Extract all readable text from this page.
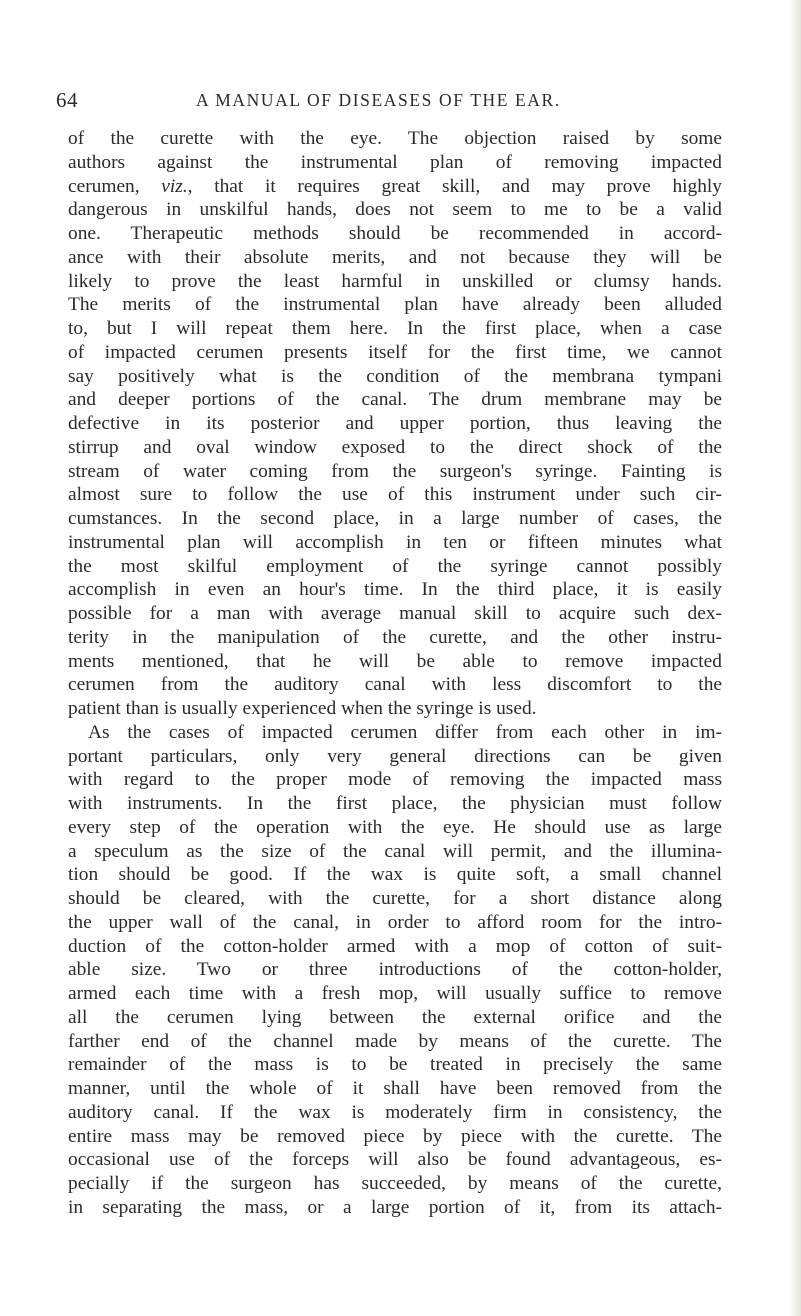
64	A MANUAL OF DISEASES OF THE EAR.
of the curette with the eye. The objection raised by some
authors against the instrumental plan of removing impacted
cerumen, viz., that it requires great skill, and may prove highly
dangerous in unskilful hands, does not seem to me to be a valid
one. Therapeutic methods should be recommended in accord-
ance with their absolute merits, and not because they will be
likely to prove the least harmful in unskilled or clumsy hands.
The merits of the instrumental plan have already been alluded
to, but I will repeat them here. In the first place, when a case
of impacted cerumen presents itself for the first time, we cannot
say positively what is the condition of the membrana tympani
and deeper portions of the canal. The drum membrane may be
defective in its posterior and upper portion, thus leaving the
stirrup and oval window exposed to the direct shock of the
stream of water coming from the surgeon's syringe. Fainting is
almost sure to follow the use of this instrument under such cir-
cumstances. In the second place, in a large number of cases, the
instrumental plan will accomplish in ten or fifteen minutes what
the most skilful employment of the syringe cannot possibly
accomplish in even an hour's time. In the third place, it is easily
possible for a man with average manual skill to acquire such dex-
terity in the manipulation of the curette, and the other instru-
ments mentioned, that he will be able to remove impacted
cerumen from the auditory canal with less discomfort to the
patient than is usually experienced when the syringe is used.
As the cases of impacted cerumen differ from each other in im-
portant particulars, only very general directions can be given
with regard to the proper mode of removing the impacted mass
with instruments. In the first place, the physician must follow
every step of the operation with the eye. He should use as large
a speculum as the size of the canal will permit, and the illumina-
tion should be good. If the wax is quite soft, a small channel
should be cleared, with the curette, for a short distance along
the upper wall of the canal, in order to afford room for the intro-
duction of the cotton-holder armed with a mop of cotton of suit-
able size. Two or three introductions of the cotton-holder,
armed each time with a fresh mop, will usually suffice to remove
all the cerumen lying between the external orifice and the
farther end of the channel made by means of the curette. The
remainder of the mass is to be treated in precisely the same
manner, until the whole of it shall have been removed from the
auditory canal. If the wax is moderately firm in consistency, the
entire mass may be removed piece by piece with the curette. The
occasional use of the forceps will also be found advantageous, es-
pecially if the surgeon has succeeded, by means of the curette,
in separating the mass, or a large portion of it, from its attach-
